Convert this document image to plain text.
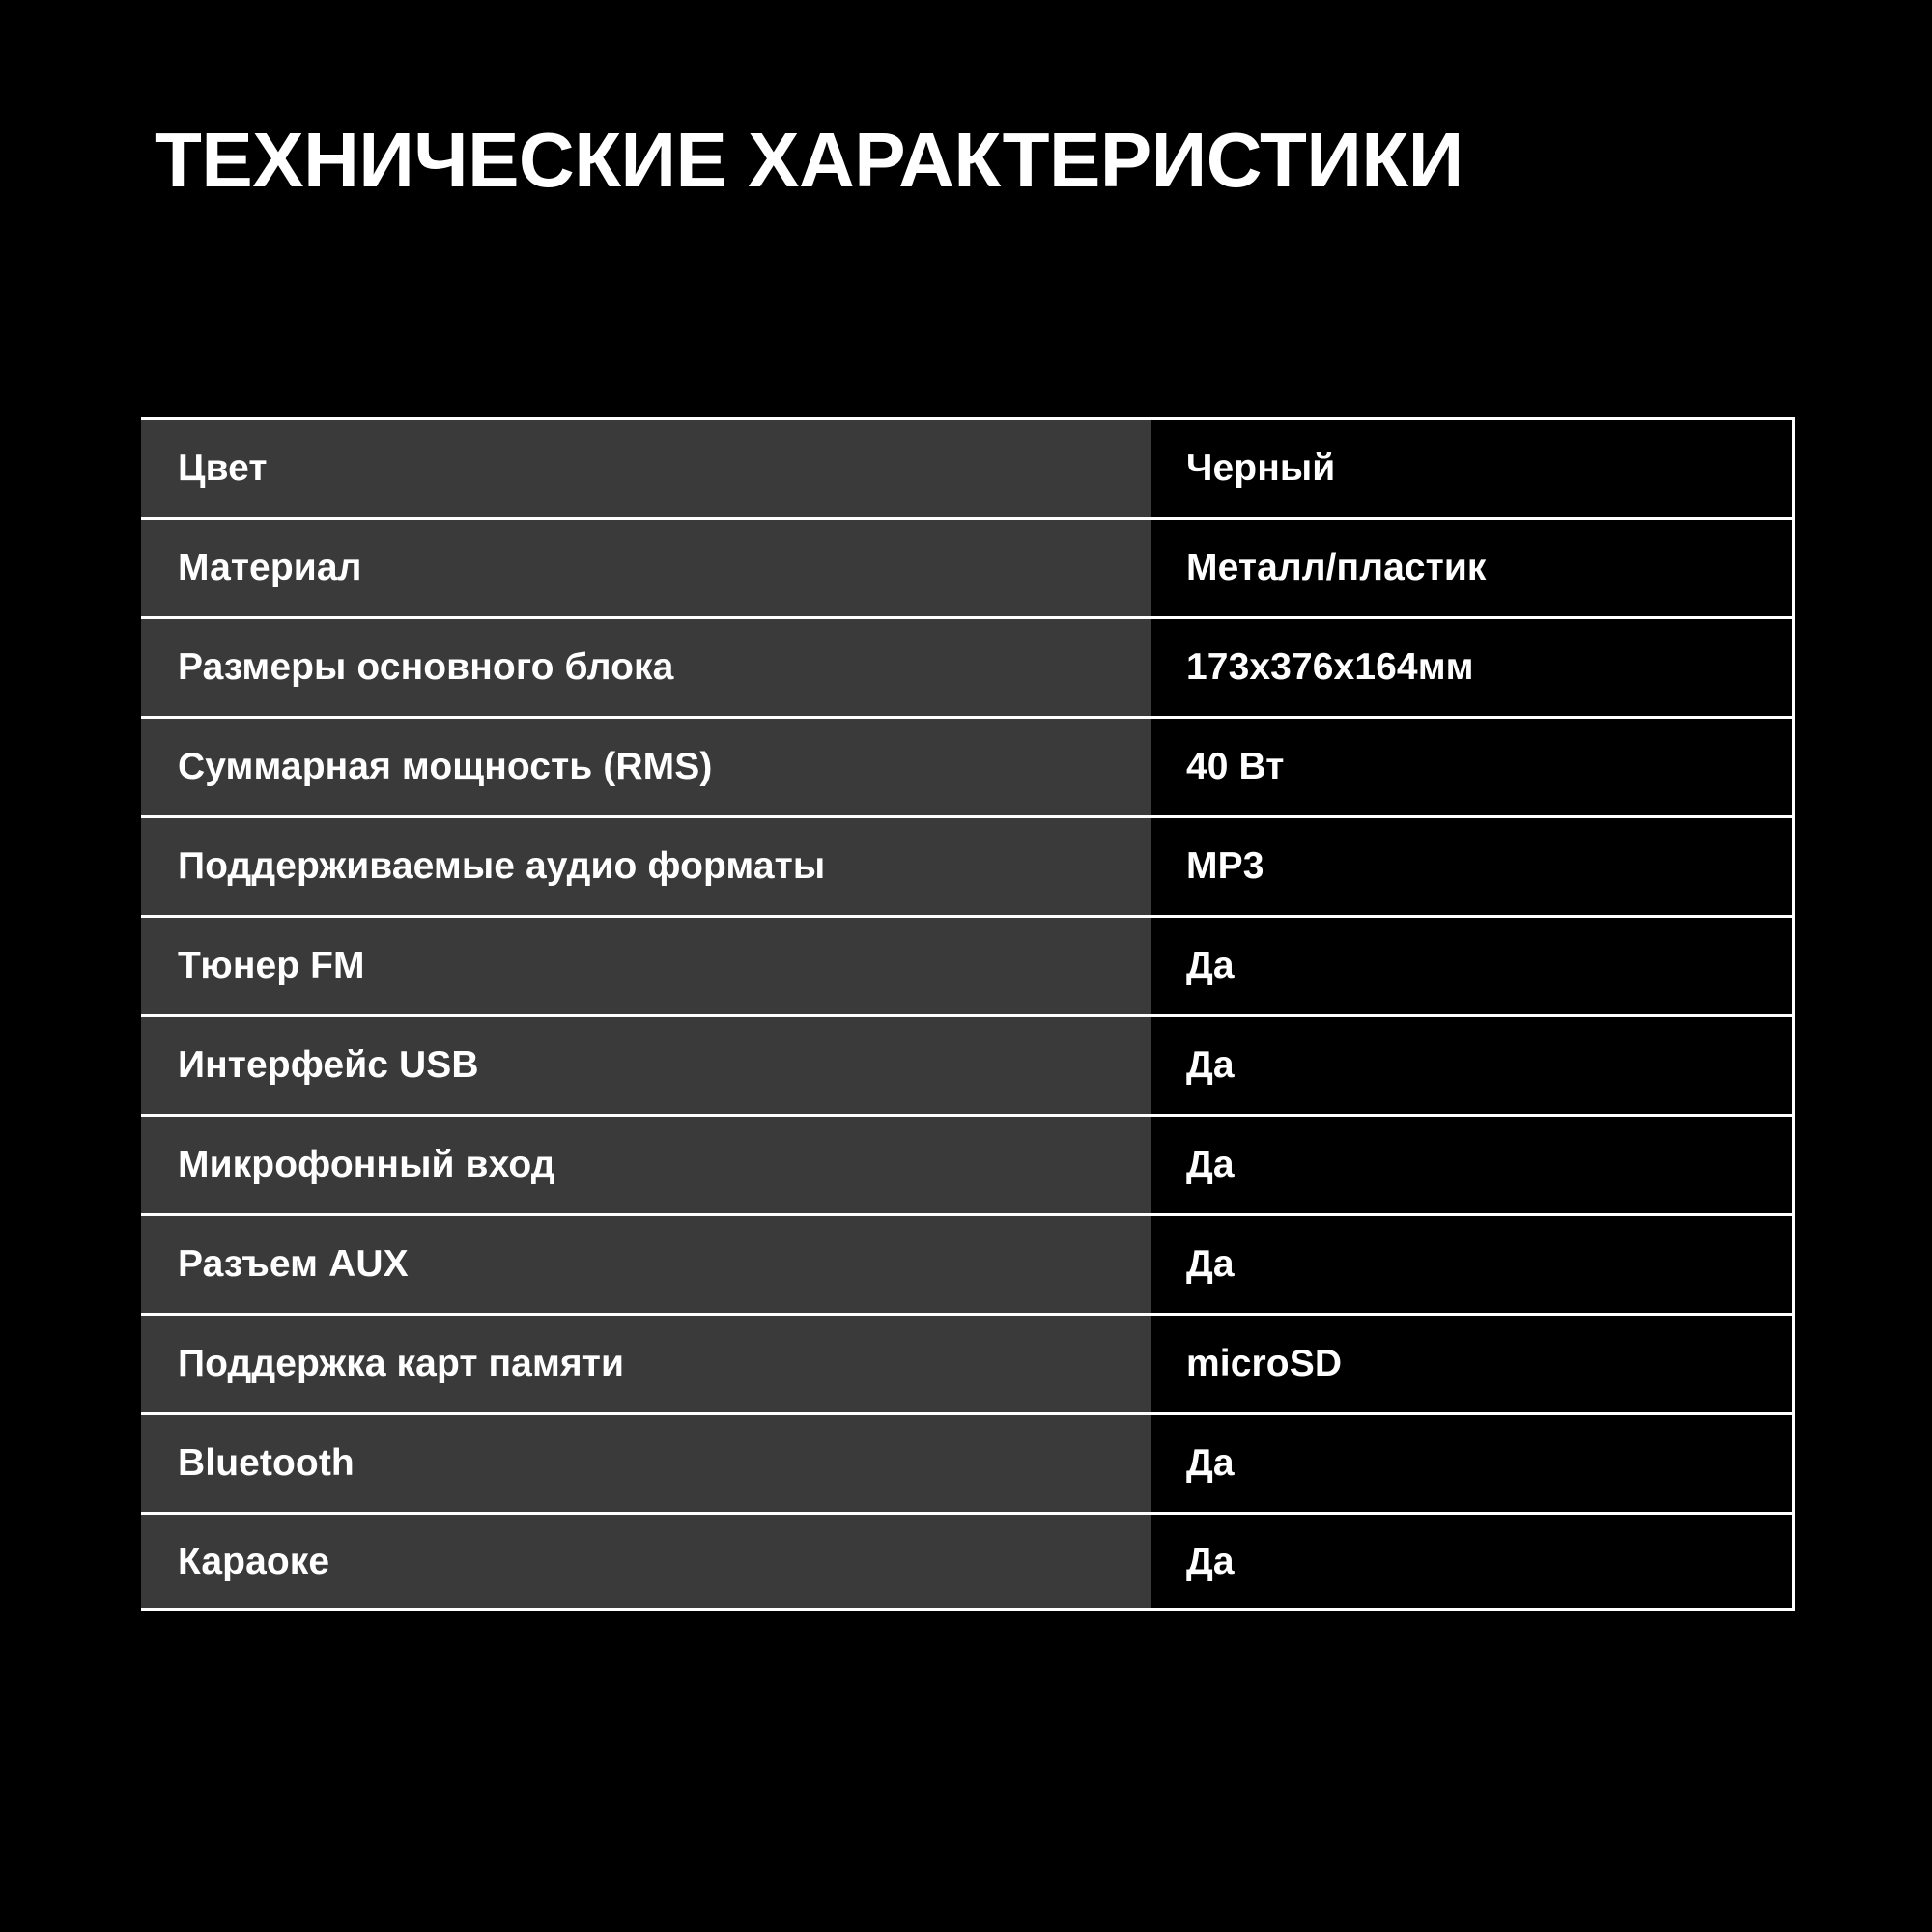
ТЕХНИЧЕСКИЕ ХАРАКТЕРИСТИКИ
Цвет	Черный

Материал	Металл/пластик

Размеры основного блока	173x376x164мм

Суммарная мощность (RMS)	40 Вт

Поддерживаемые аудио форматы	MP3

Тюнер FM	Да

Интерфейс USB	Да

Микрофонный вход	Да

Разъем AUX	Да

Поддержка карт памяти	microSD

Bluetooth	Да

Караоке	Да
